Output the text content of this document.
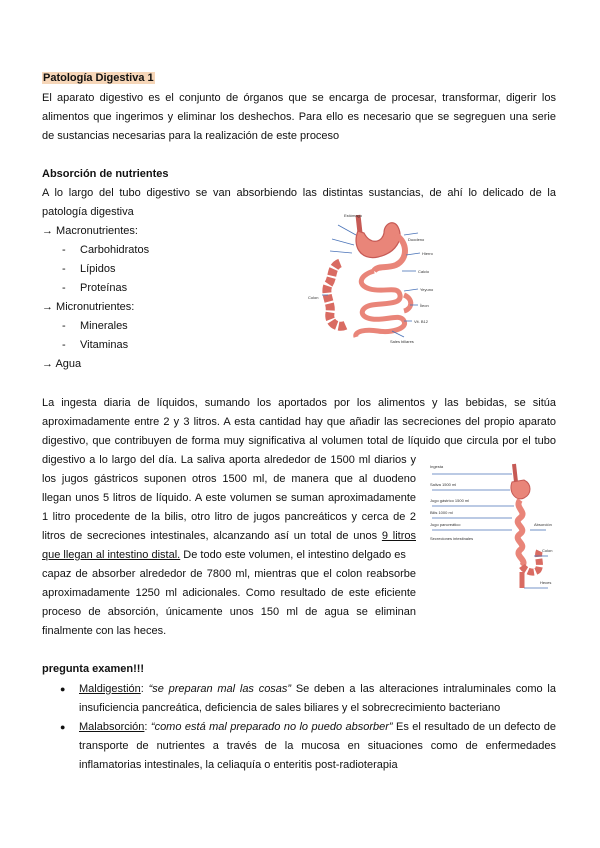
Patología Digestiva 1
El aparato digestivo es el conjunto de órganos que se encarga de procesar, transformar, digerir los
alimentos que ingerimos y eliminar los deshechos. Para ello es necesario que se segreguen una serie
de sustancias necesarias para la realización de este proceso
Absorción de nutrientes
A lo largo del tubo digestivo se van absorbiendo las distintas sustancias, de ahí lo delicado de la
patología digestiva
→ Macronutrientes:
- Carbohidratos
- Lípidos
- Proteínas
→ Micronutrientes:
- Minerales
- Vitaminas
→ Agua
Estómago
Duodeno
Hierro
Calcio
Yeyuno
Íleon
Vit. B12
Sales biliares
Colon
La ingesta diaria de líquidos, sumando los aportados por los alimentos y las bebidas, se sitúa
aproximadamente entre 2 y 3 litros. A esta cantidad hay que añadir las secreciones del propio aparato
digestivo, que contribuyen de forma muy significativa al volumen total de líquido que circula por el tubo
digestivo a lo largo del día. La saliva aporta alrededor de 1500 ml diarios y
los jugos gástricos suponen otros 1500 ml, de manera que al duodeno
llegan unos 5 litros de líquido. A este volumen se suman aproximadamente
1 litro procedente de la bilis, otro litro de jugos pancreáticos y cerca de 2
litros de secreciones intestinales, alcanzando así un total de unos 9 litros
que llegan al intestino distal. De todo este volumen, el intestino delgado es
capaz de absorber alrededor de 7800 ml, mientras que el colon reabsorbe
aproximadamente 1250 ml adicionales. Como resultado de este eficiente
proceso de absorción, únicamente unos 150 ml de agua se eliminan
finalmente con las heces.
Ingesta
Saliva 1500 ml
Jugo gástrico 1500 ml
Bilis 1000 ml
Jugo pancreático
Secreciones intestinales
Absorción
Colon
Heces
pregunta examen!!!
● Maldigestión: “se preparan mal las cosas” Se deben a las alteraciones intraluminales como la
insuficiencia pancreática, deficiencia de sales biliares y el sobrecrecimiento bacteriano
● Malabsorción: “como está mal preparado no lo puedo absorber” Es el resultado de un defecto de
transporte de nutrientes a través de la mucosa en situaciones como de enfermedades
inflamatorias intestinales, la celiaquía o enteritis post-radioterapia
